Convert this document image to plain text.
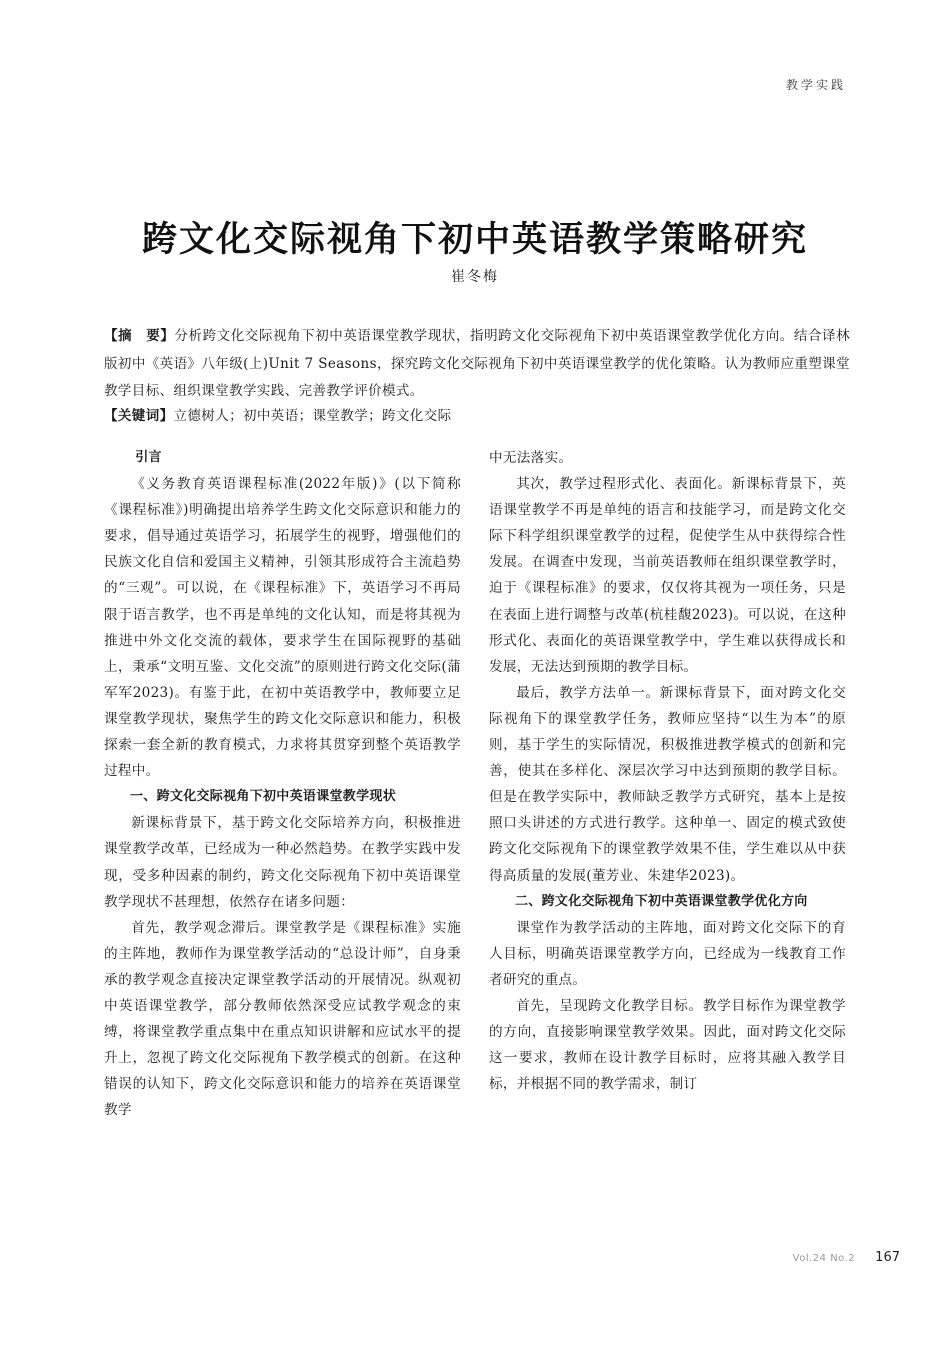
教学实践
跨文化交际视角下初中英语教学策略研究
崔冬梅

【摘　要】分析跨文化交际视角下初中英语课堂教学现状，指明跨文化交际视角下初中英语课堂教学优化方向。结合译林版初中《英语》八年级(上)Unit 7 Seasons，探究跨文化交际视角下初中英语课堂教学的优化策略。认为教师应重塑课堂教学目标、组织课堂教学实践、完善教学评价模式。

【关键词】立德树人；初中英语；课堂教学；跨文化交际
引言

《义务教育英语课程标准(2022年版)》(以下简称《课程标准》)明确提出培养学生跨文化交际意识和能力的要求，倡导通过英语学习，拓展学生的视野，增强他们的民族文化自信和爱国主义精神，引领其形成符合主流趋势的“三观”。可以说，在《课程标准》下，英语学习不再局限于语言教学，也不再是单纯的文化认知，而是将其视为推进中外文化交流的载体，要求学生在国际视野的基础上，秉承“文明互鉴、文化交流”的原则进行跨文化交际(蒲军军2023)。有鉴于此，在初中英语教学中，教师要立足课堂教学现状，聚焦学生的跨文化交际意识和能力，积极探索一套全新的教育模式，力求将其贯穿到整个英语教学过程中。

一、跨文化交际视角下初中英语课堂教学现状

新课标背景下，基于跨文化交际培养方向，积极推进课堂教学改革，已经成为一种必然趋势。在教学实践中发现，受多种因素的制约，跨文化交际视角下初中英语课堂教学现状不甚理想，依然存在诸多问题：

首先，教学观念滞后。课堂教学是《课程标准》实施的主阵地，教师作为课堂教学活动的“总设计师”，自身秉承的教学观念直接决定课堂教学活动的开展情况。纵观初中英语课堂教学，部分教师依然深受应试教学观念的束缚，将课堂教学重点集中在重点知识讲解和应试水平的提升上，忽视了跨文化交际视角下教学模式的创新。在这种错误的认知下，跨文化交际意识和能力的培养在英语课堂教学

中无法落实。

其次，教学过程形式化、表面化。新课标背景下，英语课堂教学不再是单纯的语言和技能学习，而是跨文化交际下科学组织课堂教学的过程，促使学生从中获得综合性发展。在调查中发现，当前英语教师在组织课堂教学时，迫于《课程标准》的要求，仅仅将其视为一项任务，只是在表面上进行调整与改革(杭桂馥2023)。可以说，在这种形式化、表面化的英语课堂教学中，学生难以获得成长和发展，无法达到预期的教学目标。

最后，教学方法单一。新课标背景下，面对跨文化交际视角下的课堂教学任务，教师应坚持“以生为本”的原则，基于学生的实际情况，积极推进教学模式的创新和完善，使其在多样化、深层次学习中达到预期的教学目标。但是在教学实际中，教师缺乏教学方式研究，基本上是按照口头讲述的方式进行教学。这种单一、固定的模式致使跨文化交际视角下的课堂教学效果不佳，学生难以从中获得高质量的发展(董芳业、朱建华2023)。

二、跨文化交际视角下初中英语课堂教学优化方向

课堂作为教学活动的主阵地，面对跨文化交际下的育人目标，明确英语课堂教学方向，已经成为一线教育工作者研究的重点。

首先，呈现跨文化教学目标。教学目标作为课堂教学的方向，直接影响课堂教学效果。因此，面对跨文化交际这一要求，教师在设计教学目标时，应将其融入教学目标，并根据不同的教学需求，制订

Vol.24 No.2 167
